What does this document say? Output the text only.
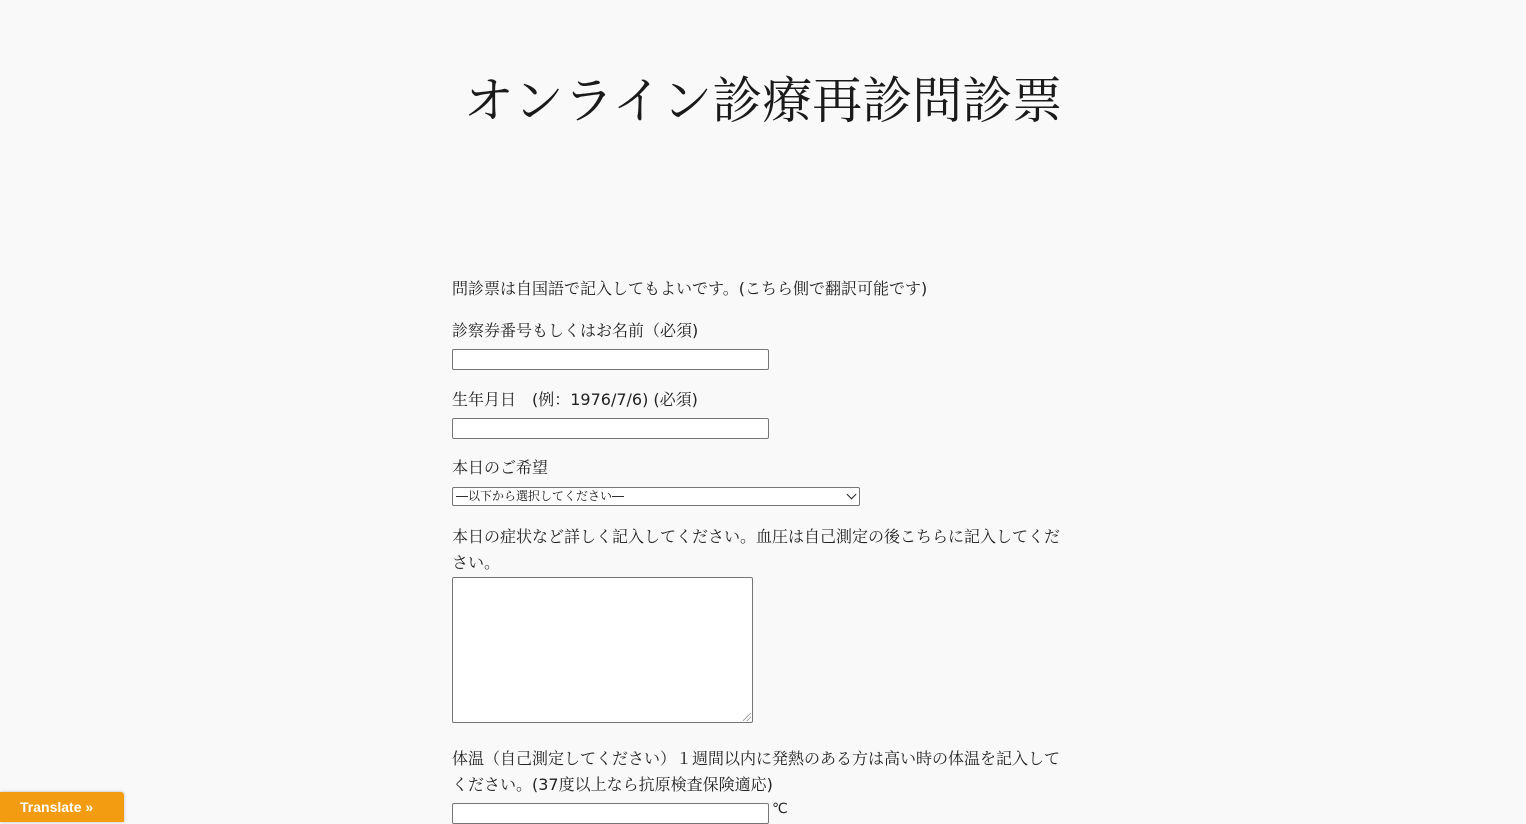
オンライン診療再診問診票
問診票は自国語で記入してもよいです。(こちら側で翻訳可能です)
診察券番号もしくはお名前（必須)
生年月日　(例：1976/7/6) (必須)
本日のご希望
―以下から選択してください―
本日の症状など詳しく記入してください。血圧は自己測定の後こちらに記入してください。
体温（自己測定してください）１週間以内に発熱のある方は高い時の体温を記入してください。(37度以上なら抗原検査保険適応)
℃
Translate »
